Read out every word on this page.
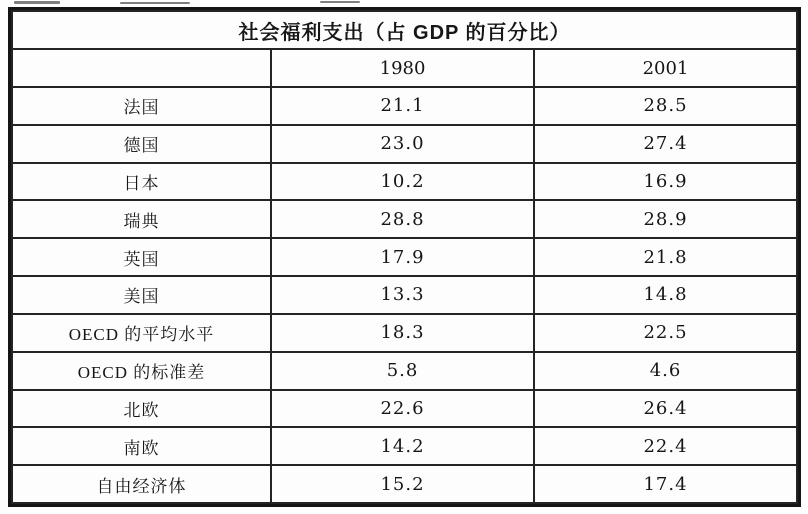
社会福利支出（占 GDP 的百分比）		
	1980	2001
法国	21.1	28.5
德国	23.0	27.4
日本	10.2	16.9
瑞典	28.8	28.9
英国	17.9	21.8
美国	13.3	14.8
OECD 的平均水平	18.3	22.5
OECD 的标准差	5.8	4.6
北欧	22.6	26.4
南欧	14.2	22.4
自由经济体	15.2	17.4
